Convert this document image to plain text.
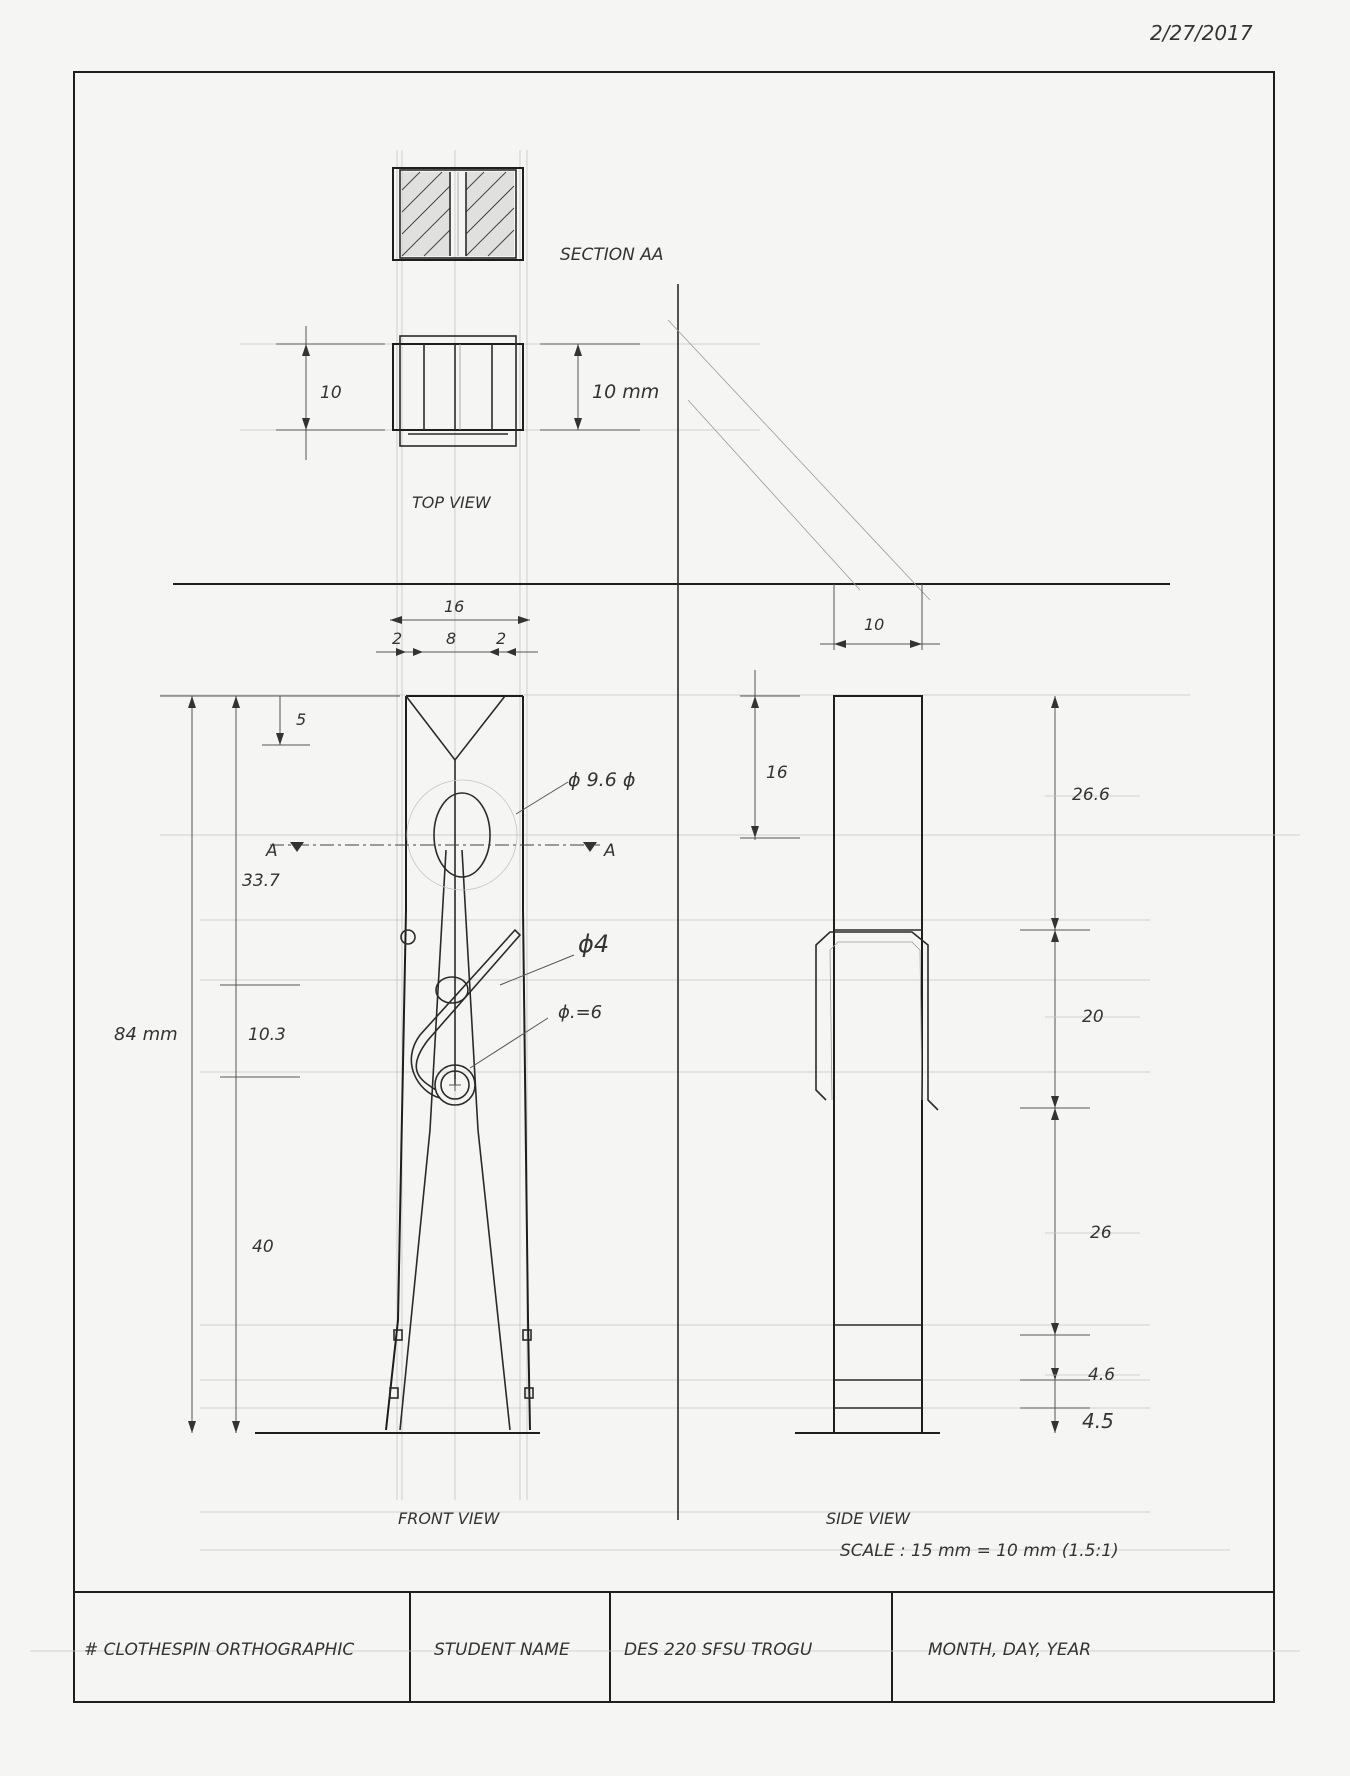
2/27/2017
# CLOTHESPIN ORTHOGRAPHIC	STUDENT NAME	DES 220 SFSU TROGU	MONTH, DAY, YEAR
SECTION AA
10	10 mm
TOP VIEW
16
2	8 2
84 mm	10.3
40
33.7
5
A	A
ϕ 9.6 ϕ
ϕ4
ϕ.=6
FRONT VIEW
10
16
26.6
20
26
4.6
4.5
SIDE VIEW
SCALE : 15 mm = 10 mm (1.5:1)
